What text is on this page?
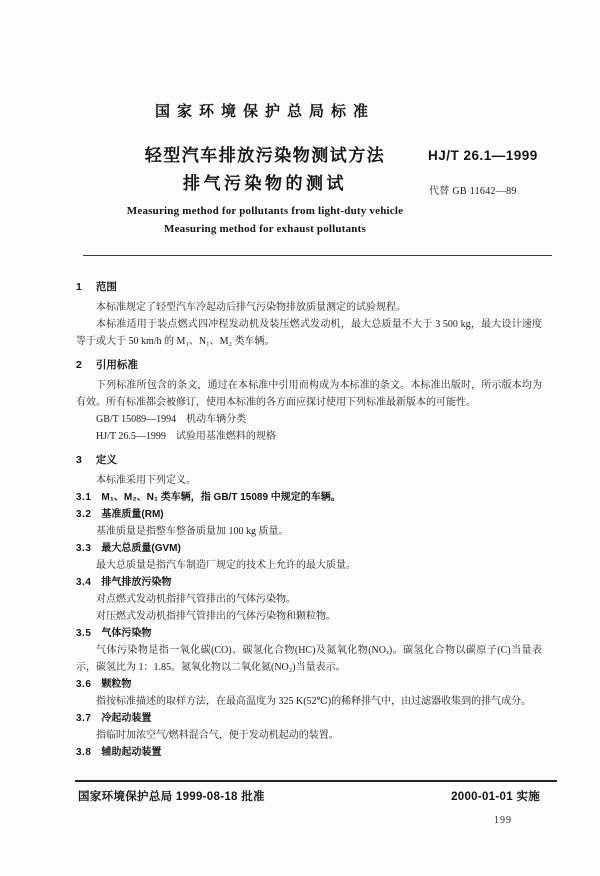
国家环境保护总局标准
轻型汽车排放污染物测试方法
排气污染物的测试
HJ/T 26.1—1999
代替 GB 11642—89
Measuring method for pollutants from light-duty vehicle
Measuring method for exhaust pollutants
1 范围
本标准规定了轻型汽车冷起动后排气污染物排放质量测定的试验规程。
本标准适用于装点燃式四冲程发动机及装压燃式发动机，最大总质量不大于 3 500 kg，最大设计速度等于或大于 50 km/h 的 M₁、N₁、M₂ 类车辆。
2 引用标准
下列标准所包含的条文，通过在本标准中引用而构成为本标准的条文。本标准出版时，所示版本均为有效。所有标准都会被修订，使用本标准的各方面应探讨使用下列标准最新版本的可能性。
GB/T 15089—1994　机动车辆分类
HJ/T 26.5—1999　试验用基准燃料的规格
3 定义
本标准采用下列定义。
3.1 M₁、M₂、N₁ 类车辆，指 GB/T 15089 中规定的车辆。
3.2 基准质量(RM)
基准质量是指整车整备质量加 100 kg 质量。
3.3 最大总质量(GVM)
最大总质量是指汽车制造厂规定的技术上允许的最大质量。
3.4 排气排放污染物
对点燃式发动机指排气管排出的气体污染物。
对压燃式发动机指排气管排出的气体污染物和颗粒物。
3.5 气体污染物
气体污染物是指一氧化碳(CO)、碳氢化合物(HC)及氮氧化物(NOₓ)。碳氢化合物以碳原子(C)当量表示，碳氢比为 1：1.85。氮氧化物以二氧化氮(NO₂)当量表示。
3.6 颗粒物
指按标准描述的取样方法，在最高温度为 325 K(52℃)的稀释排气中，由过滤器收集到的排气成分。
3.7 冷起动装置
指临时加浓空气/燃料混合气，便于发动机起动的装置。
3.8 辅助起动装置
国家环境保护总局 1999-08-18 批准	2000-01-01 实施
199
